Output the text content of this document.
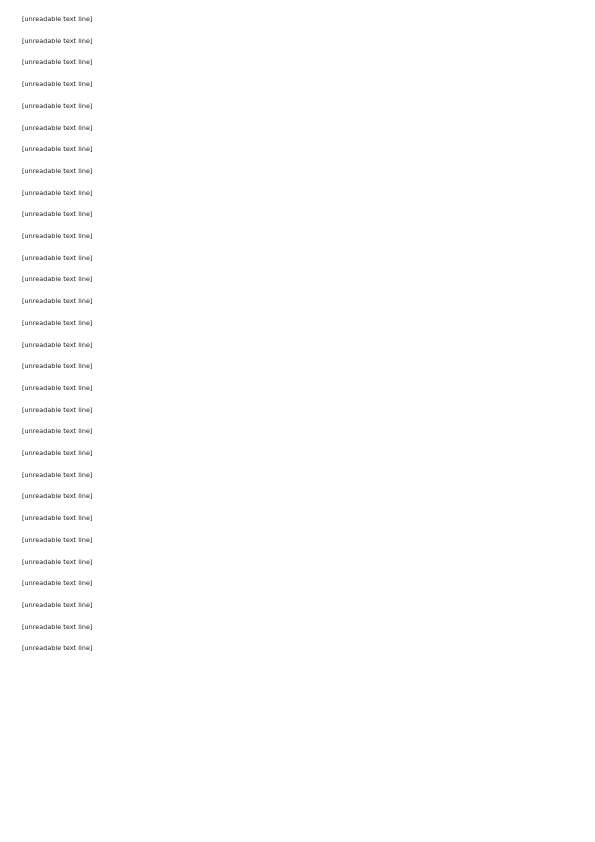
[unreadable text line]

[unreadable text line]

[unreadable text line]

[unreadable text line]

[unreadable text line]

[unreadable text line]

[unreadable text line]

[unreadable text line]

[unreadable text line]

[unreadable text line]

[unreadable text line]

[unreadable text line]

[unreadable text line]

[unreadable text line]

[unreadable text line]

[unreadable text line]

[unreadable text line]

[unreadable text line]

[unreadable text line]

[unreadable text line]

[unreadable text line]

[unreadable text line]

[unreadable text line]

[unreadable text line]

[unreadable text line]

[unreadable text line]

[unreadable text line]

[unreadable text line]

[unreadable text line]

[unreadable text line]
